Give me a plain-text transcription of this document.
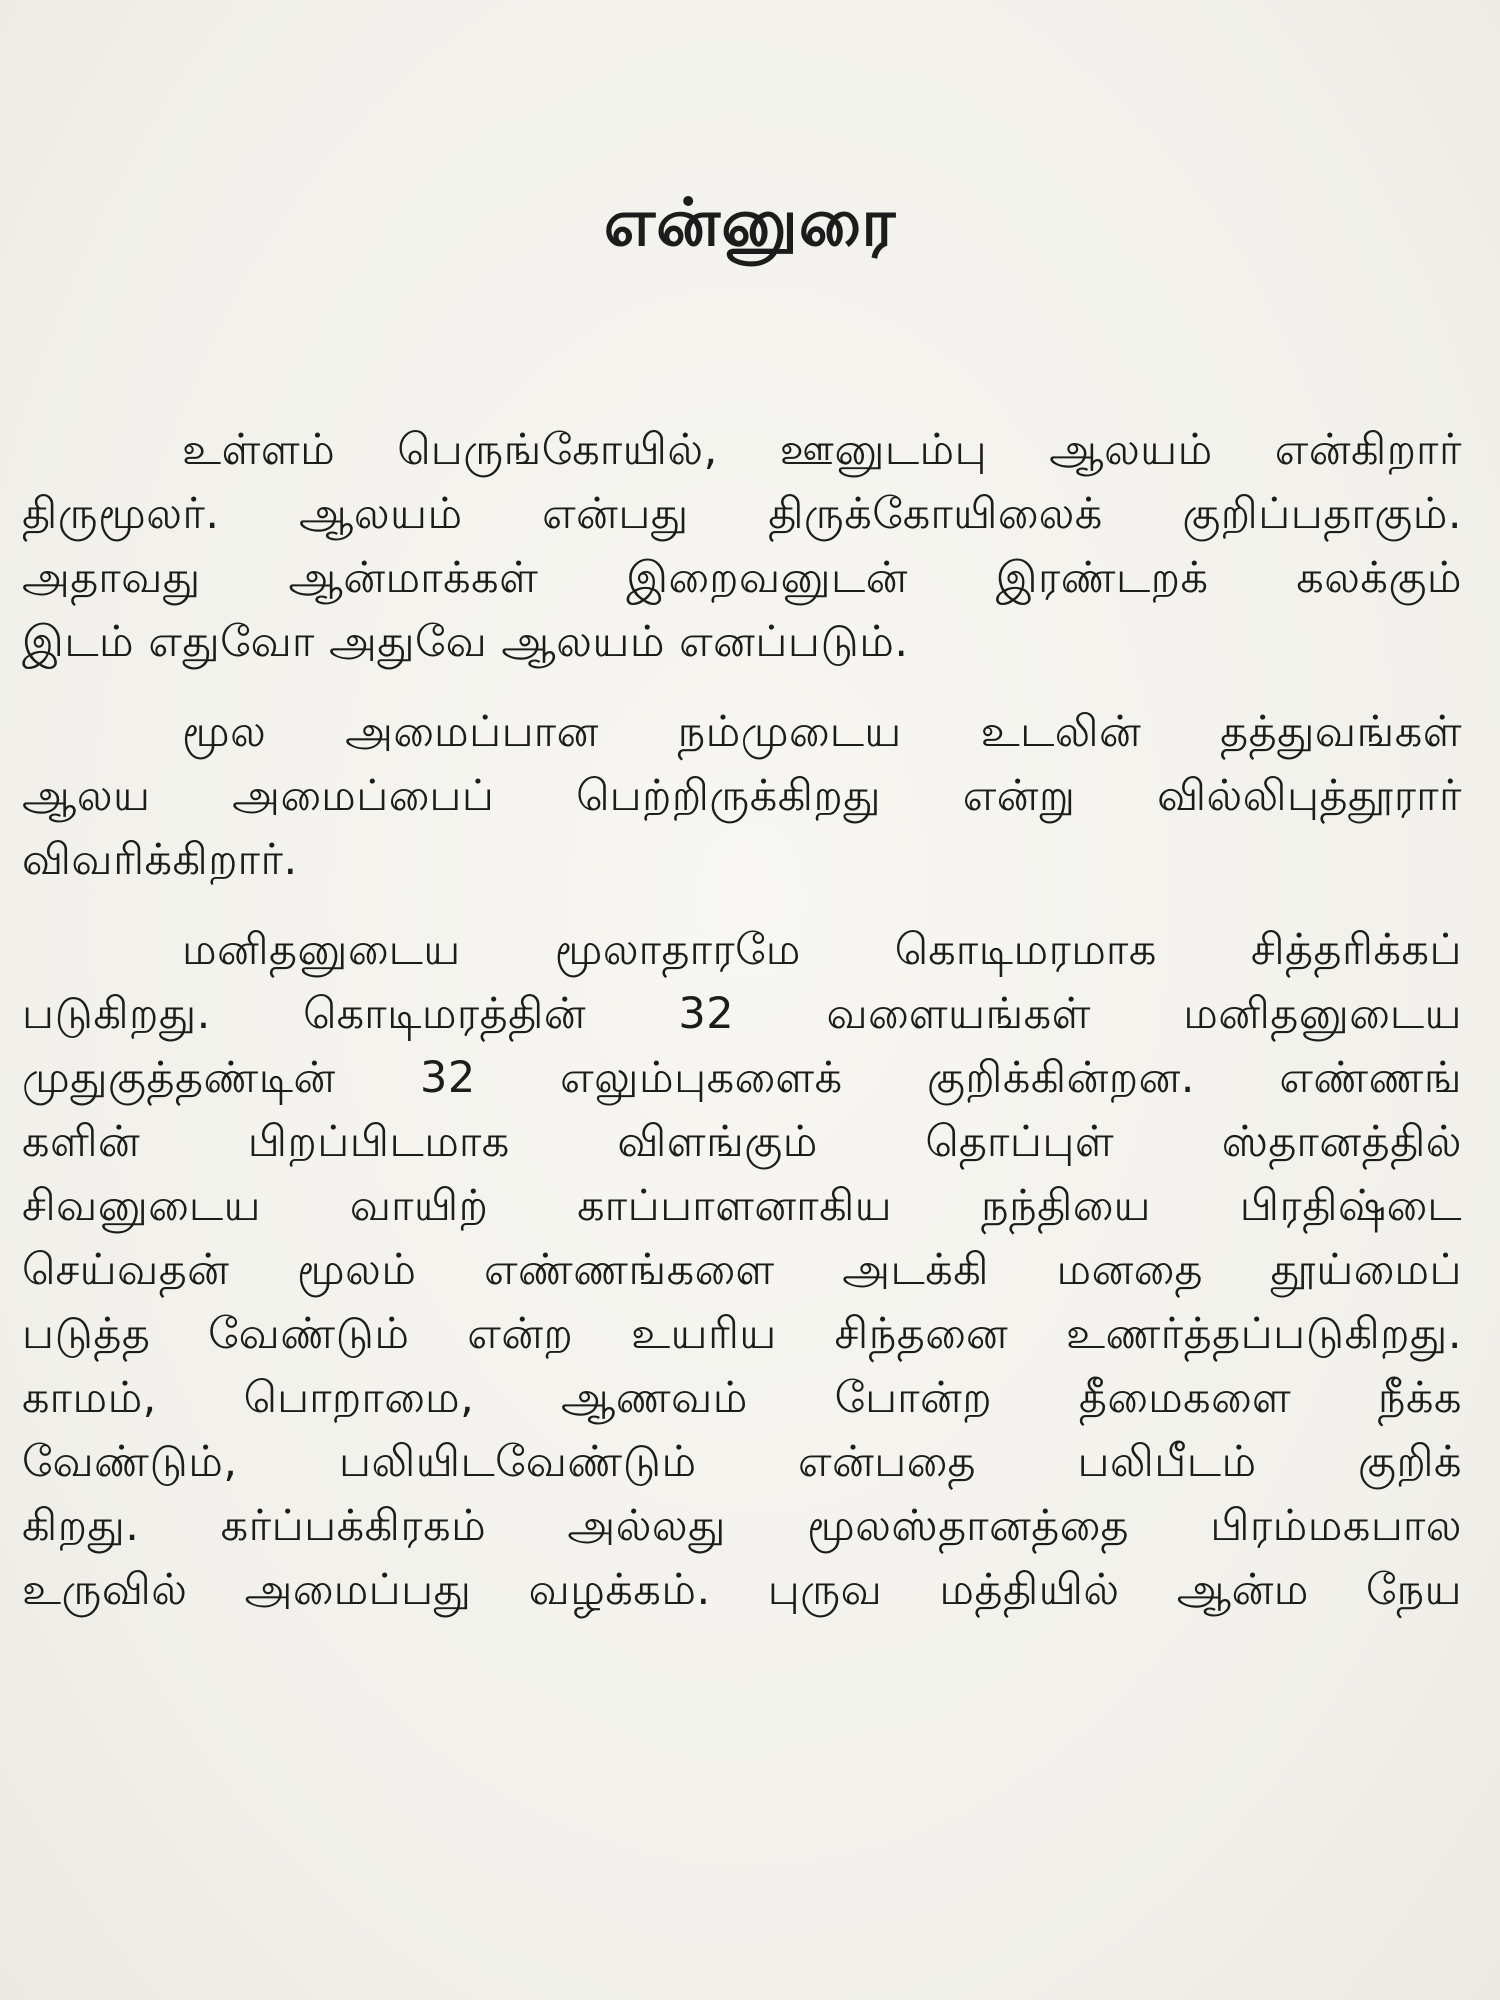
என்னுரை
உள்ளம் பெருங்கோயில், ஊனுடம்பு ஆலயம் என்கிறார்
திருமூலர். ஆலயம் என்பது திருக்கோயிலைக் குறிப்பதாகும்.
அதாவது ஆன்மாக்கள் இறைவனுடன் இரண்டறக் கலக்கும்
இடம் எதுவோ அதுவே ஆலயம் எனப்படும்.
மூல அமைப்பான நம்முடைய உடலின் தத்துவங்கள்
ஆலய அமைப்பைப் பெற்றிருக்கிறது என்று வில்லிபுத்தூரார்
விவரிக்கிறார்.
மனிதனுடைய மூலாதாரமே கொடிமரமாக சித்தரிக்கப்
படுகிறது. கொடிமரத்தின் 32 வளையங்கள் மனிதனுடைய
முதுகுத்தண்டின் 32 எலும்புகளைக் குறிக்கின்றன. எண்ணங்
களின் பிறப்பிடமாக விளங்கும் தொப்புள் ஸ்தானத்தில்
சிவனுடைய வாயிற் காப்பாளனாகிய நந்தியை பிரதிஷ்டை
செய்வதன் மூலம் எண்ணங்களை அடக்கி மனதை தூய்மைப்
படுத்த வேண்டும் என்ற உயரிய சிந்தனை உணர்த்தப்படுகிறது.
காமம், பொறாமை, ஆணவம் போன்ற தீமைகளை நீக்க
வேண்டும், பலியிடவேண்டும் என்பதை பலிபீடம் குறிக்
கிறது. கர்ப்பக்கிரகம் அல்லது மூலஸ்தானத்தை பிரம்மகபால
உருவில் அமைப்பது வழக்கம். புருவ மத்தியில் ஆன்ம நேய
